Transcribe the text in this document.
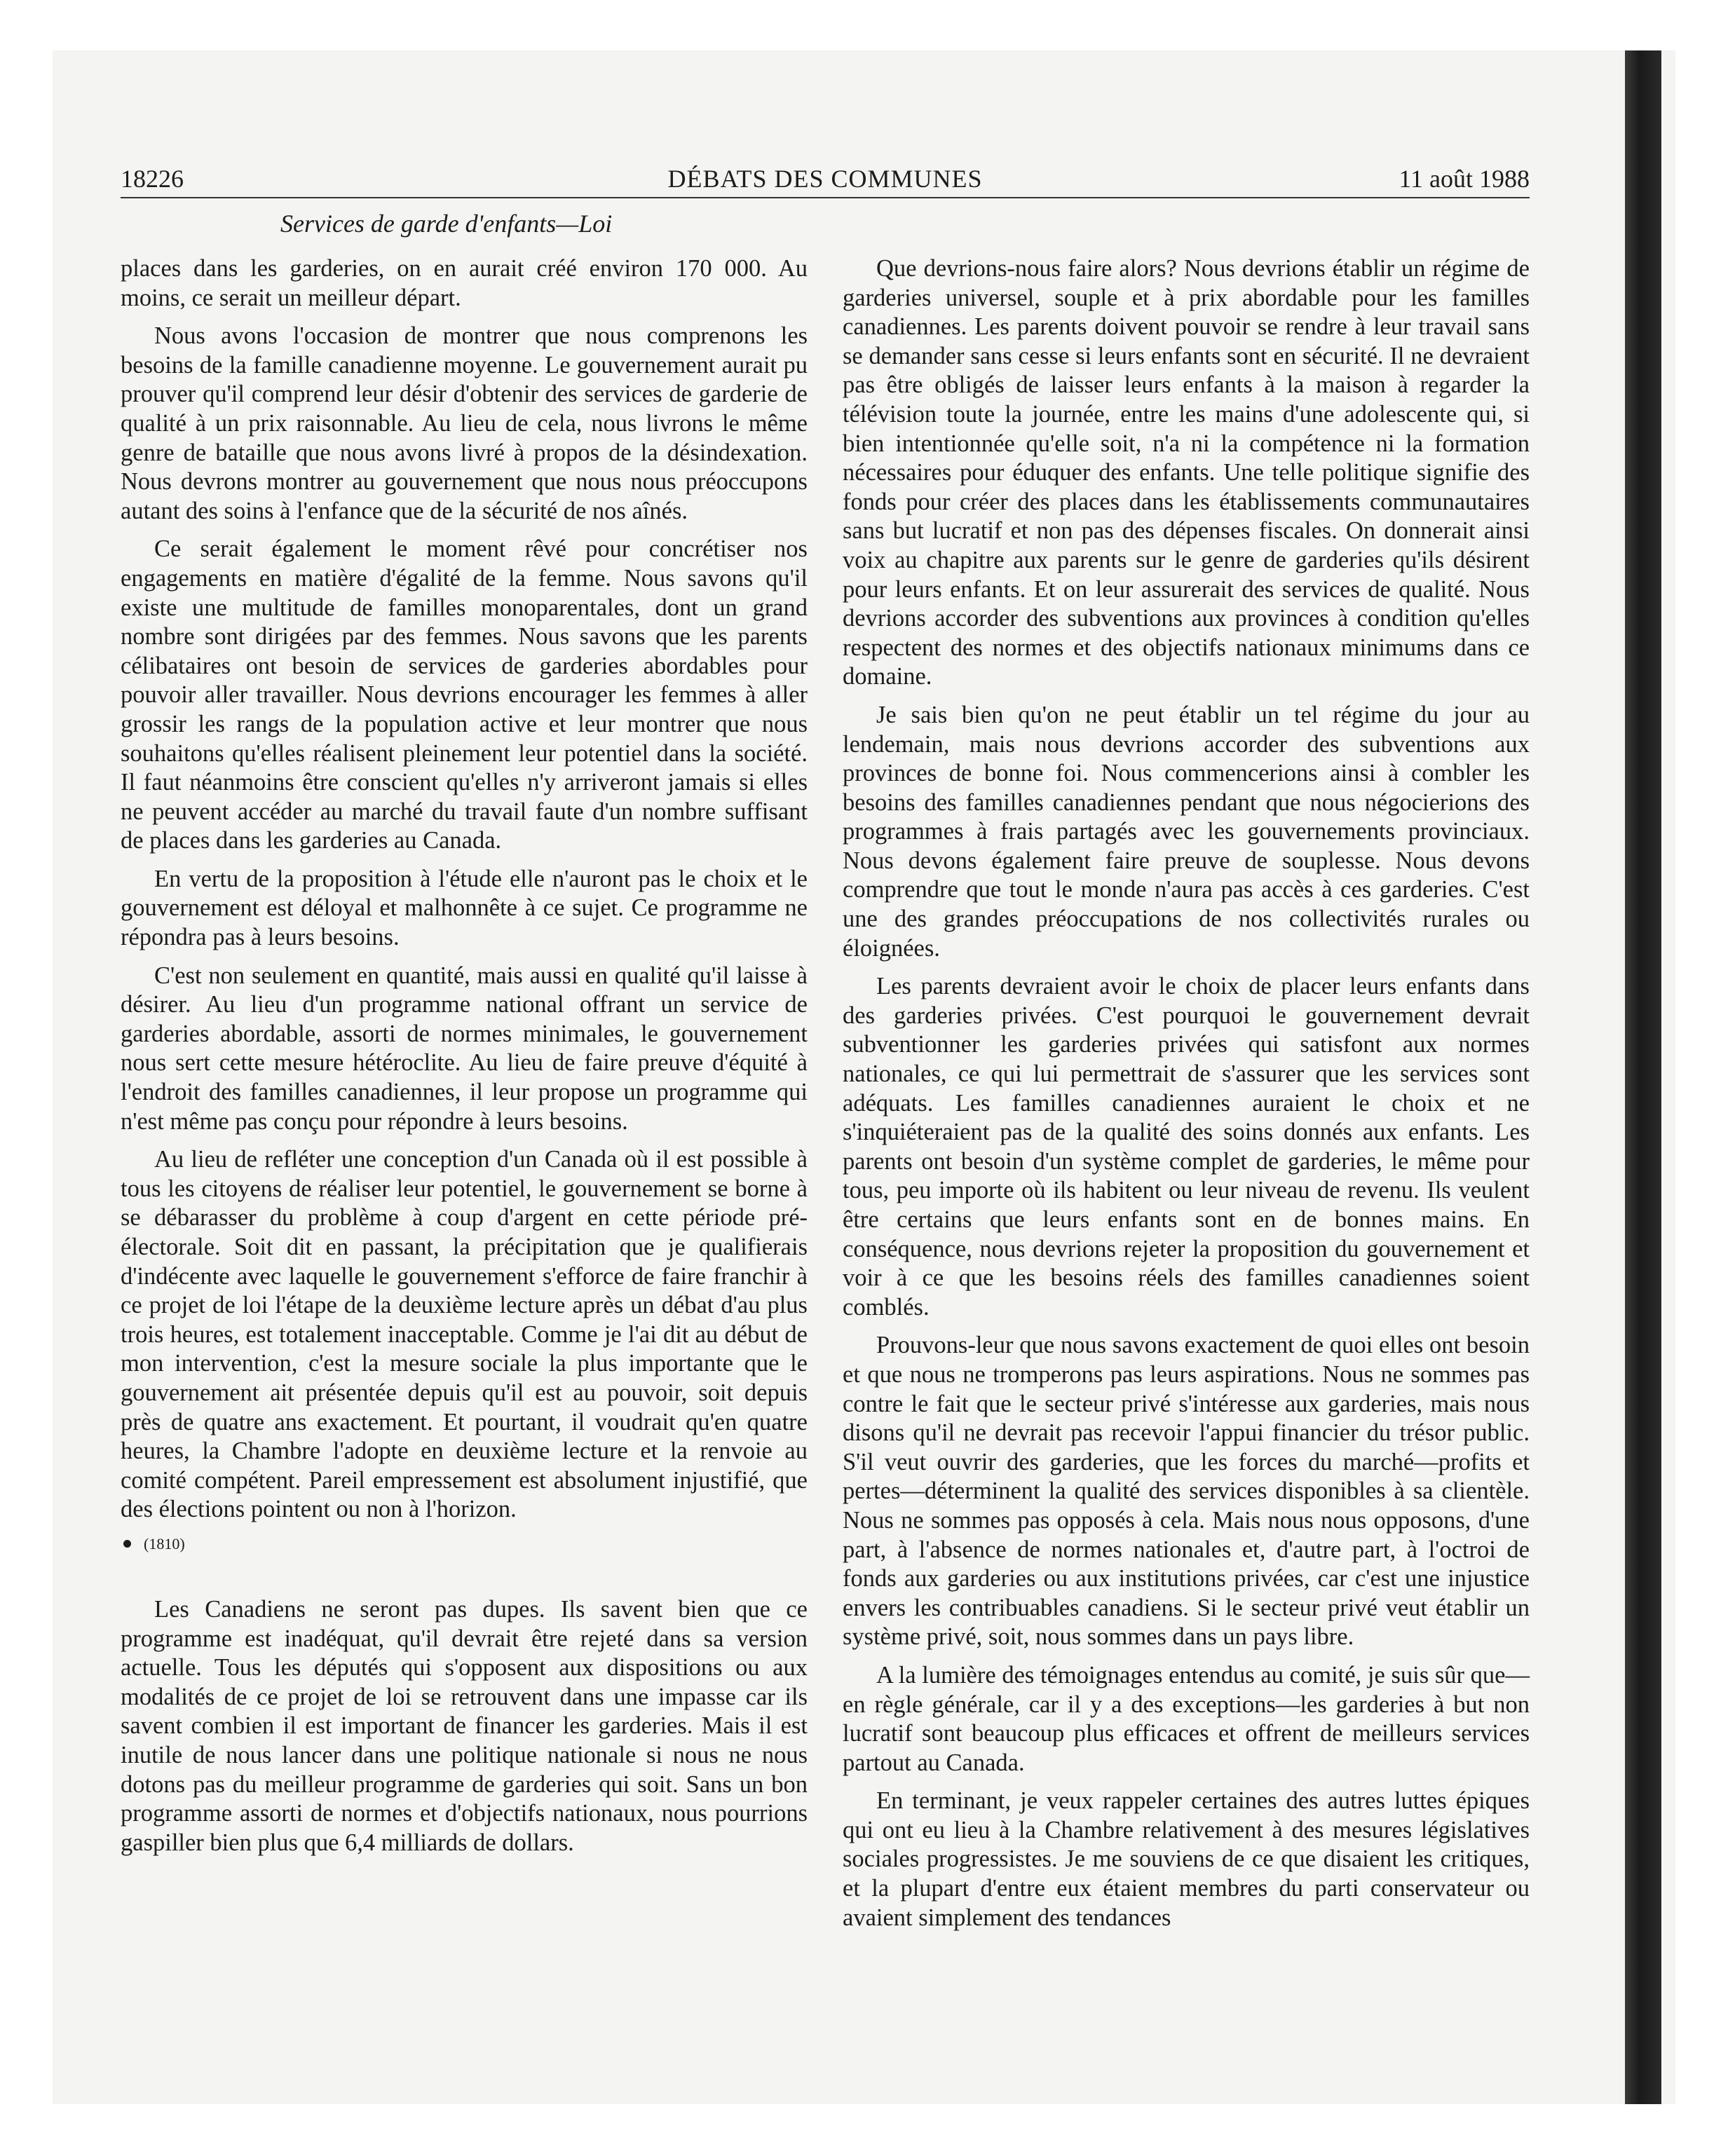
18226	DÉBATS DES COMMUNES	11 août 1988
Services de garde d'enfants—Loi

places dans les garderies, on en aurait créé environ 170 000. Au moins, ce serait un meilleur départ.

Nous avons l'occasion de montrer que nous comprenons les besoins de la famille canadienne moyenne. Le gouvernement aurait pu prouver qu'il comprend leur désir d'obtenir des services de garderie de qualité à un prix raisonnable. Au lieu de cela, nous livrons le même genre de bataille que nous avons livré à propos de la désindexation. Nous devrons montrer au gouvernement que nous nous préoccupons autant des soins à l'enfance que de la sécurité de nos aînés.

Ce serait également le moment rêvé pour concrétiser nos engagements en matière d'égalité de la femme. Nous savons qu'il existe une multitude de familles monoparentales, dont un grand nombre sont dirigées par des femmes. Nous savons que les parents célibataires ont besoin de services de garderies abordables pour pouvoir aller travailler. Nous devrions encourager les femmes à aller grossir les rangs de la population active et leur montrer que nous souhaitons qu'elles réalisent pleinement leur potentiel dans la société. Il faut néanmoins être conscient qu'elles n'y arriveront jamais si elles ne peuvent accéder au marché du travail faute d'un nombre suffisant de places dans les garderies au Canada.

En vertu de la proposition à l'étude elle n'auront pas le choix et le gouvernement est déloyal et malhonnête à ce sujet. Ce programme ne répondra pas à leurs besoins.

C'est non seulement en quantité, mais aussi en qualité qu'il laisse à désirer. Au lieu d'un programme national offrant un service de garderies abordable, assorti de normes minimales, le gouvernement nous sert cette mesure hétéroclite. Au lieu de faire preuve d'équité à l'endroit des familles canadiennes, il leur propose un programme qui n'est même pas conçu pour répondre à leurs besoins.

Au lieu de refléter une conception d'un Canada où il est possible à tous les citoyens de réaliser leur potentiel, le gouvernement se borne à se débarasser du problème à coup d'argent en cette période pré-électorale. Soit dit en passant, la précipitation que je qualifierais d'indécente avec laquelle le gouvernement s'efforce de faire franchir à ce projet de loi l'étape de la deuxième lecture après un débat d'au plus trois heures, est totalement inacceptable. Comme je l'ai dit au début de mon intervention, c'est la mesure sociale la plus importante que le gouvernement ait présentée depuis qu'il est au pouvoir, soit depuis près de quatre ans exactement. Et pourtant, il voudrait qu'en quatre heures, la Chambre l'adopte en deuxième lecture et la renvoie au comité compétent. Pareil empressement est absolument injustifié, que des élections pointent ou non à l'horizon.

(1810)

Les Canadiens ne seront pas dupes. Ils savent bien que ce programme est inadéquat, qu'il devrait être rejeté dans sa version actuelle. Tous les députés qui s'opposent aux dispositions ou aux modalités de ce projet de loi se retrouvent dans une impasse car ils savent combien il est important de financer les garderies. Mais il est inutile de nous lancer dans une politique nationale si nous ne nous dotons pas du meilleur programme de garderies qui soit. Sans un bon programme assorti de normes et d'objectifs nationaux, nous pourrions gaspiller bien plus que 6,4 milliards de dollars.

Que devrions-nous faire alors? Nous devrions établir un régime de garderies universel, souple et à prix abordable pour les familles canadiennes. Les parents doivent pouvoir se rendre à leur travail sans se demander sans cesse si leurs enfants sont en sécurité. Il ne devraient pas être obligés de laisser leurs enfants à la maison à regarder la télévision toute la journée, entre les mains d'une adolescente qui, si bien intentionnée qu'elle soit, n'a ni la compétence ni la formation nécessaires pour éduquer des enfants. Une telle politique signifie des fonds pour créer des places dans les établissements communautaires sans but lucratif et non pas des dépenses fiscales. On donnerait ainsi voix au chapitre aux parents sur le genre de garderies qu'ils désirent pour leurs enfants. Et on leur assurerait des services de qualité. Nous devrions accorder des subventions aux provinces à condition qu'elles respectent des normes et des objectifs nationaux minimums dans ce domaine.

Je sais bien qu'on ne peut établir un tel régime du jour au lendemain, mais nous devrions accorder des subventions aux provinces de bonne foi. Nous commencerions ainsi à combler les besoins des familles canadiennes pendant que nous négocierions des programmes à frais partagés avec les gouvernements provinciaux. Nous devons également faire preuve de souplesse. Nous devons comprendre que tout le monde n'aura pas accès à ces garderies. C'est une des grandes préoccupations de nos collectivités rurales ou éloignées.

Les parents devraient avoir le choix de placer leurs enfants dans des garderies privées. C'est pourquoi le gouvernement devrait subventionner les garderies privées qui satisfont aux normes nationales, ce qui lui permettrait de s'assurer que les services sont adéquats. Les familles canadiennes auraient le choix et ne s'inquiéteraient pas de la qualité des soins donnés aux enfants. Les parents ont besoin d'un système complet de garderies, le même pour tous, peu importe où ils habitent ou leur niveau de revenu. Ils veulent être certains que leurs enfants sont en de bonnes mains. En conséquence, nous devrions rejeter la proposition du gouvernement et voir à ce que les besoins réels des familles canadiennes soient comblés.

Prouvons-leur que nous savons exactement de quoi elles ont besoin et que nous ne tromperons pas leurs aspirations. Nous ne sommes pas contre le fait que le secteur privé s'intéresse aux garderies, mais nous disons qu'il ne devrait pas recevoir l'appui financier du trésor public. S'il veut ouvrir des garderies, que les forces du marché—profits et pertes—déterminent la qualité des services disponibles à sa clientèle. Nous ne sommes pas opposés à cela. Mais nous nous opposons, d'une part, à l'absence de normes nationales et, d'autre part, à l'octroi de fonds aux garderies ou aux institutions privées, car c'est une injustice envers les contribuables canadiens. Si le secteur privé veut établir un système privé, soit, nous sommes dans un pays libre.

A la lumière des témoignages entendus au comité, je suis sûr que—en règle générale, car il y a des exceptions—les garderies à but non lucratif sont beaucoup plus efficaces et offrent de meilleurs services partout au Canada.

En terminant, je veux rappeler certaines des autres luttes épiques qui ont eu lieu à la Chambre relativement à des mesures législatives sociales progressistes. Je me souviens de ce que disaient les critiques, et la plupart d'entre eux étaient membres du parti conservateur ou avaient simplement des tendances
